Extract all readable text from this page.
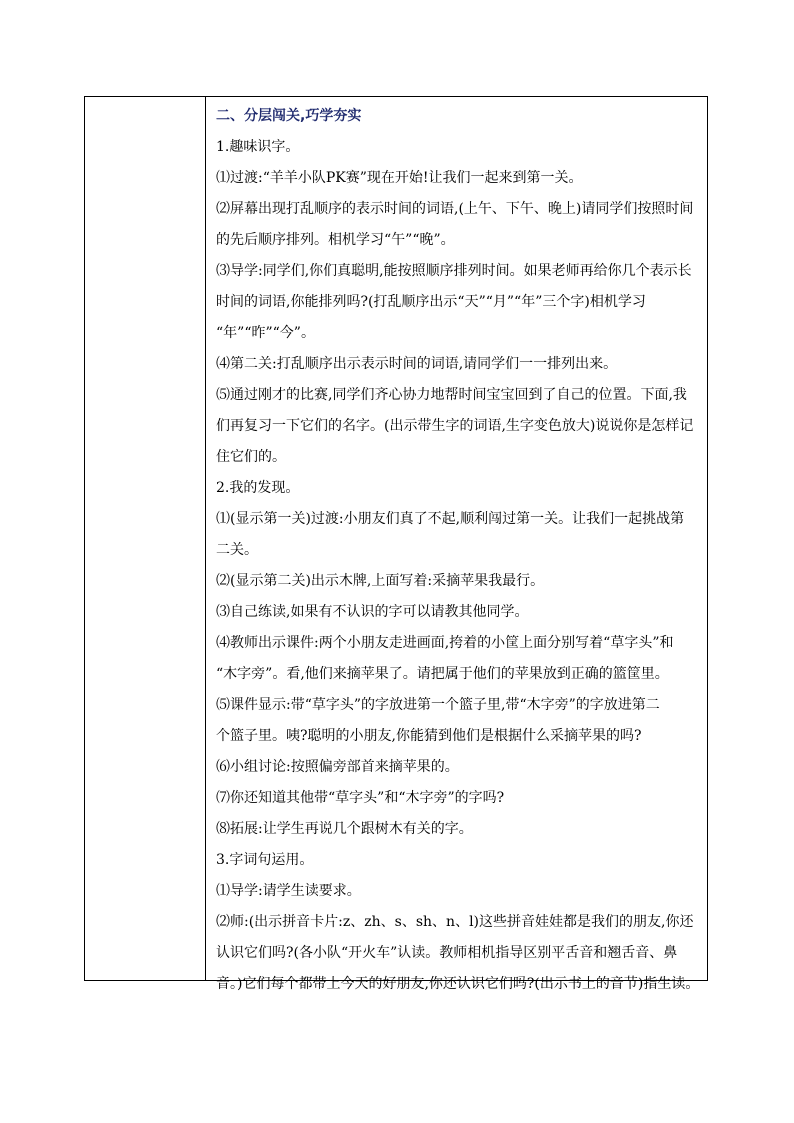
二、分层闯关,巧学夯实
1.趣味识字。
⑴过渡:“羊羊小队PK赛”现在开始!让我们一起来到第一关。
⑵屏幕出现打乱顺序的表示时间的词语,(上午、下午、晚上)请同学们按照时间
的先后顺序排列。相机学习“午”“晚”。
⑶导学:同学们,你们真聪明,能按照顺序排列时间。如果老师再给你几个表示长
时间的词语,你能排列吗?(打乱顺序出示“天”“月”“年”三个字)相机学习
“年”“昨”“今”。
⑷第二关:打乱顺序出示表示时间的词语,请同学们一一排列出来。
⑸通过刚才的比赛,同学们齐心协力地帮时间宝宝回到了自己的位置。下面,我
们再复习一下它们的名字。(出示带生字的词语,生字变色放大)说说你是怎样记
住它们的。
2.我的发现。
⑴(显示第一关)过渡:小朋友们真了不起,顺利闯过第一关。让我们一起挑战第
二关。
⑵(显示第二关)出示木牌,上面写着:采摘苹果我最行。
⑶自己练读,如果有不认识的字可以请教其他同学。
⑷教师出示课件:两个小朋友走进画面,挎着的小筐上面分别写着“草字头”和
“木字旁”。看,他们来摘苹果了。请把属于他们的苹果放到正确的篮筐里。
⑸课件显示:带“草字头”的字放进第一个篮子里,带“木字旁”的字放进第二
个篮子里。咦?聪明的小朋友,你能猜到他们是根据什么采摘苹果的吗?
⑹小组讨论:按照偏旁部首来摘苹果的。
⑺你还知道其他带“草字头”和“木字旁”的字吗?
⑻拓展:让学生再说几个跟树木有关的字。
3.字词句运用。
⑴导学:请学生读要求。
⑵师:(出示拼音卡片:z、zh、s、sh、n、l)这些拼音娃娃都是我们的朋友,你还
认识它们吗?(各小队“开火车”认读。教师相机指导区别平舌音和翘舌音、鼻
音。)它们每个都带上今天的好朋友,你还认识它们吗?(出示书上的音节)指生读。
